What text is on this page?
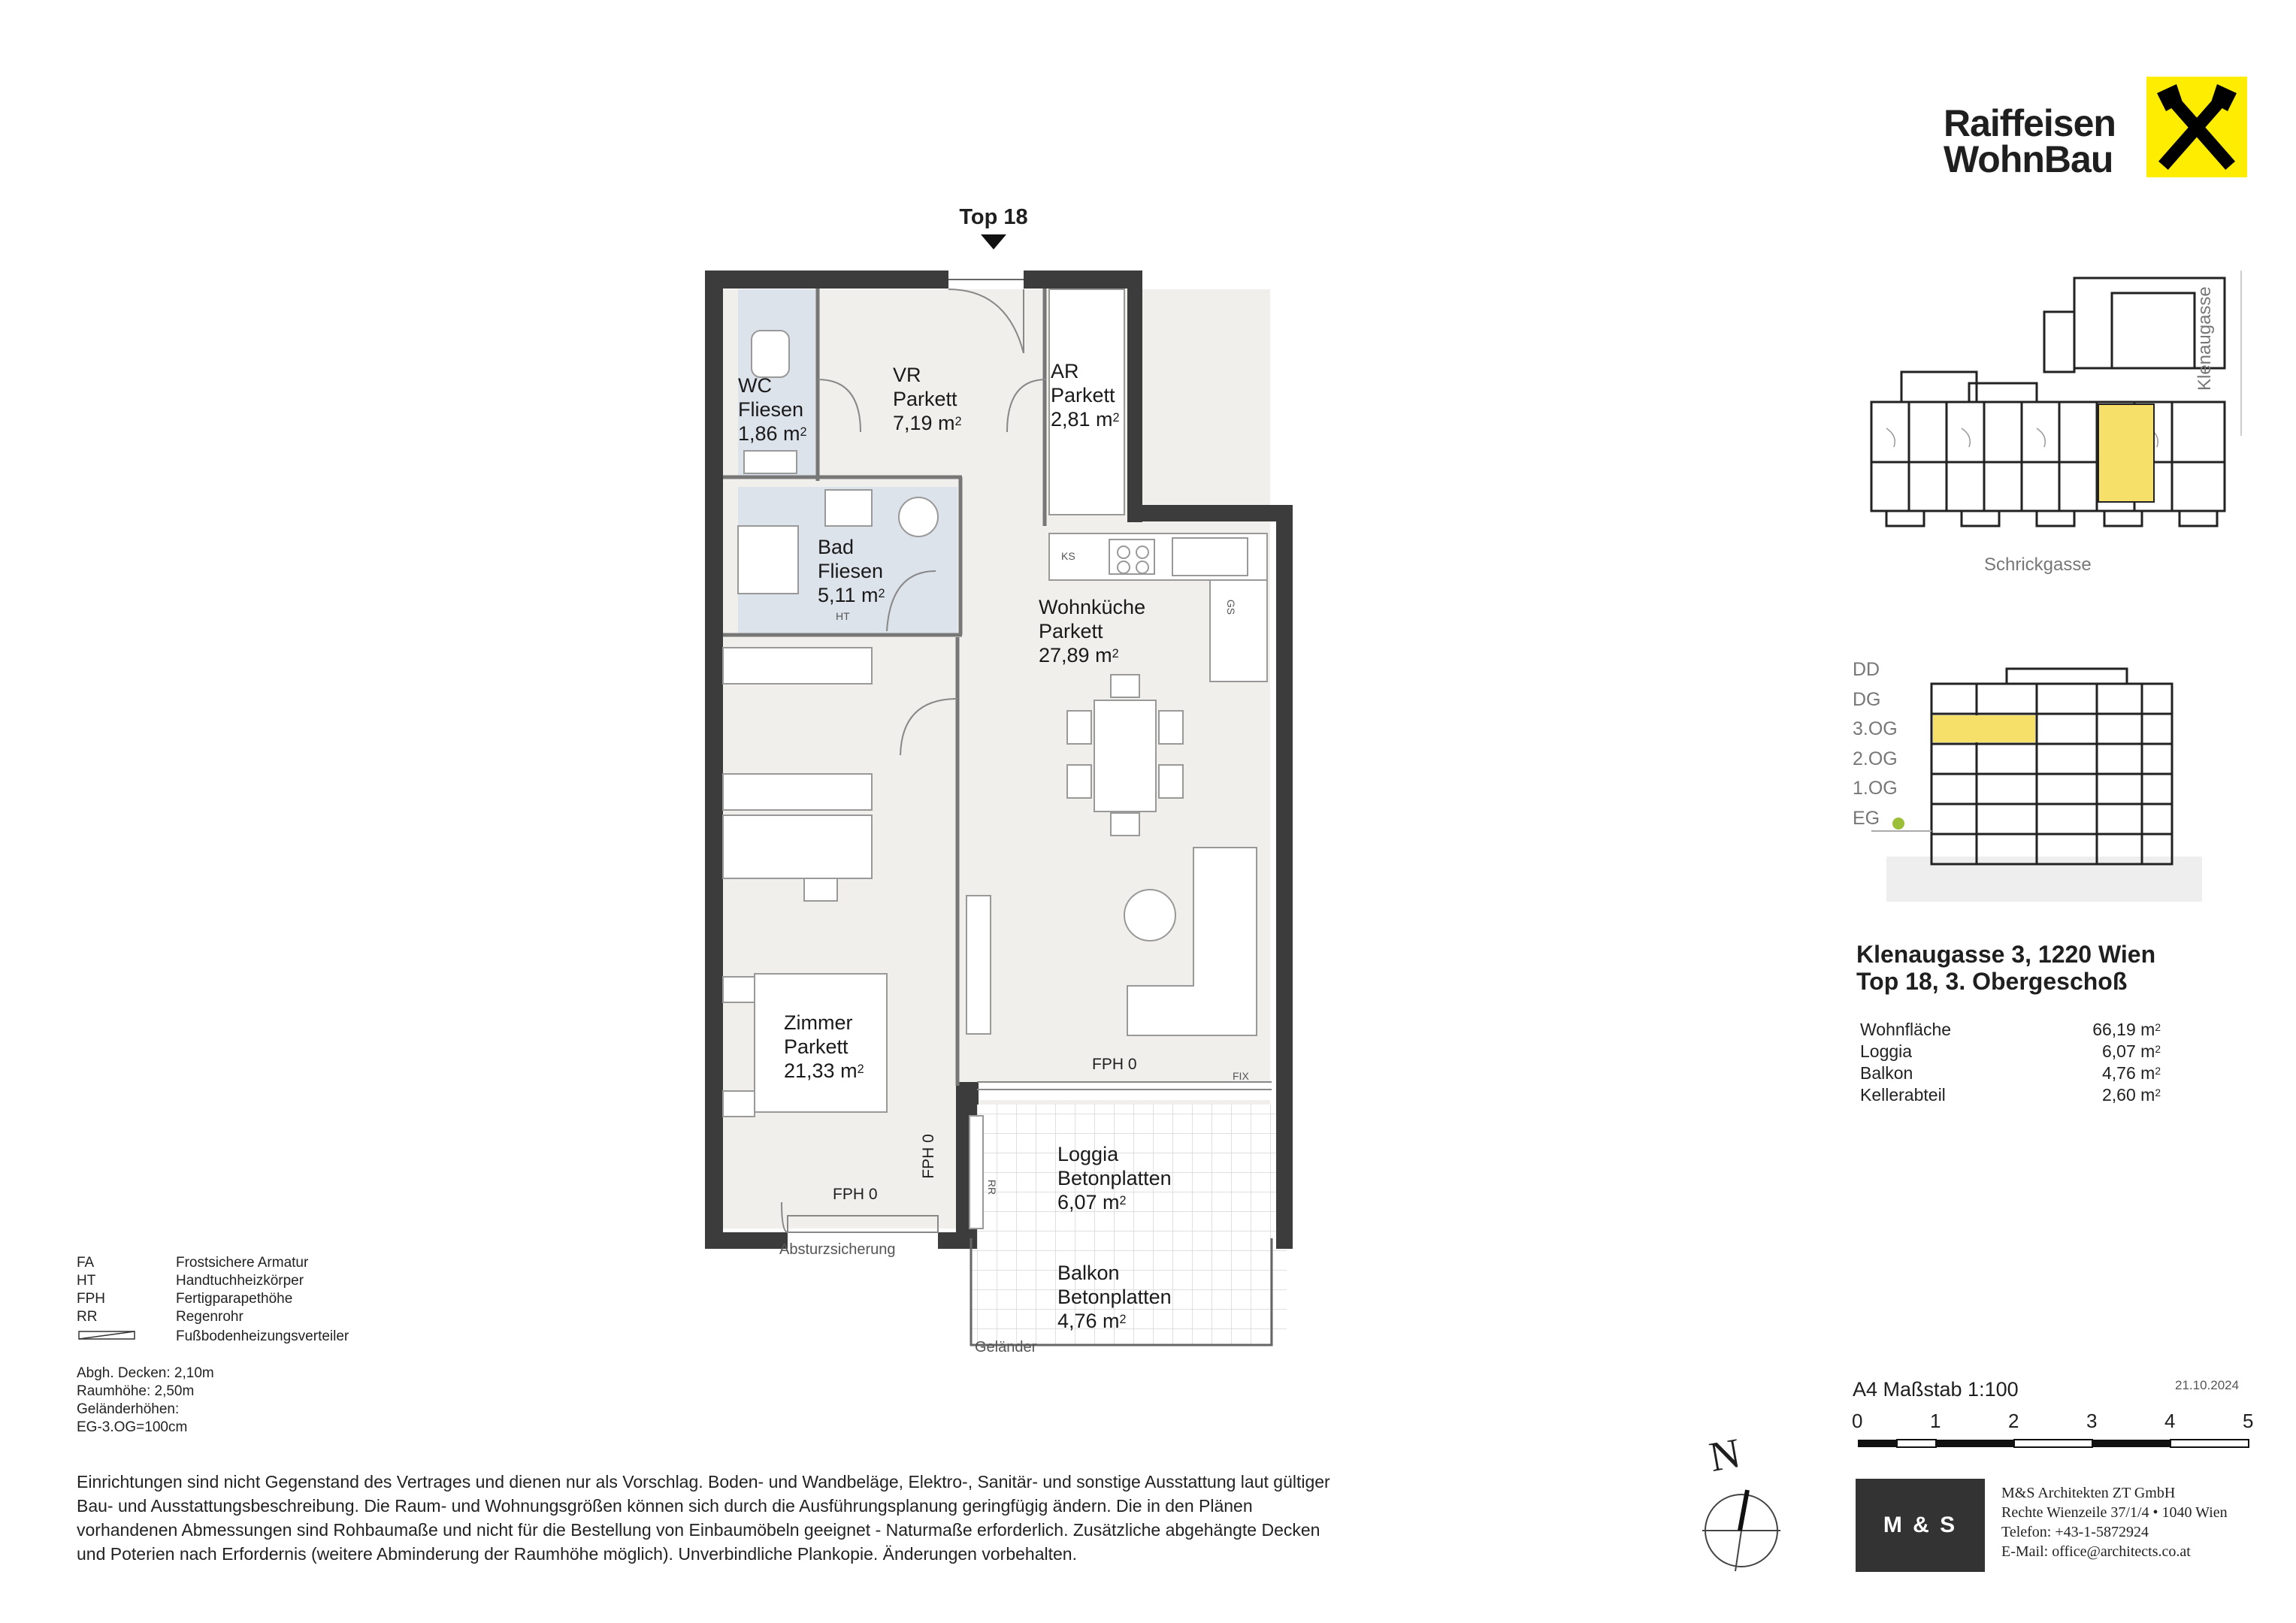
Raiffeisen
WohnBau
Top 18
WC
Fliesen
1,86 $m^2$
VR
Parkett
7,19 $m^2$
AR
Parkett
2,81 $m^2$
Bad
Fliesen
5,11 $m^2$
Wohnküche
Parkett
27,89 $m^2$
Zimmer
Parkett
21,33 $m^2$
Loggia
Betonplatten
6,07 $m^2$
Balkon
Betonplatten
4,76 $m^2$
KS
GS
HT
FIX
RR
FPH 0
FPH 0
FPH 0
Absturzsicherung
Geländer
Schrickgasse
Klenaugasse
DD
DG
3.OG
2.OG
1.OG
EG
Klenaugasse 3, 1220 Wien
Top 18, 3. Obergeschoß
Wohnfläche	66,19 $m^2$
Loggia	6,07 $m^2$
Balkon	4,76 $m^2$
Kellerabteil	2,60 $m^2$
FA	Frostsichere Armatur
HT	Handtuchheizkörper
FPH	Fertigparapethöhe
RR	Regenrohr
Fußbodenheizungsverteiler
Abgh. Decken: 2,10m
Raumhöhe: 2,50m
Geländerhöhen:
EG-3.OG=100cm
Einrichtungen sind nicht Gegenstand des Vertrages und dienen nur als Vorschlag. Boden- und Wandbeläge, Elektro-, Sanitär- und sonstige Ausstattung laut gültiger
Bau- und Ausstattungsbeschreibung. Die Raum- und Wohnungsgrößen können sich durch die Ausführungsplanung geringfügig ändern. Die in den Plänen
vorhandenen Abmessungen sind Rohbaumaße und nicht für die Bestellung von Einbaumöbeln geeignet - Naturmaße erforderlich. Zusätzliche abgehängte Decken
und Poterien nach Erfordernis (weitere Abminderung der Raumhöhe möglich). Unverbindliche Plankopie. Änderungen vorbehalten.
A4 Maßstab 1:100	21.10.2024
0	1	2	3	4	5
N
M & S
M&S Architekten ZT GmbH
Rechte Wienzeile 37/1/4 • 1040 Wien
Telefon: +43-1-5872924
E-Mail: office@architects.co.at
